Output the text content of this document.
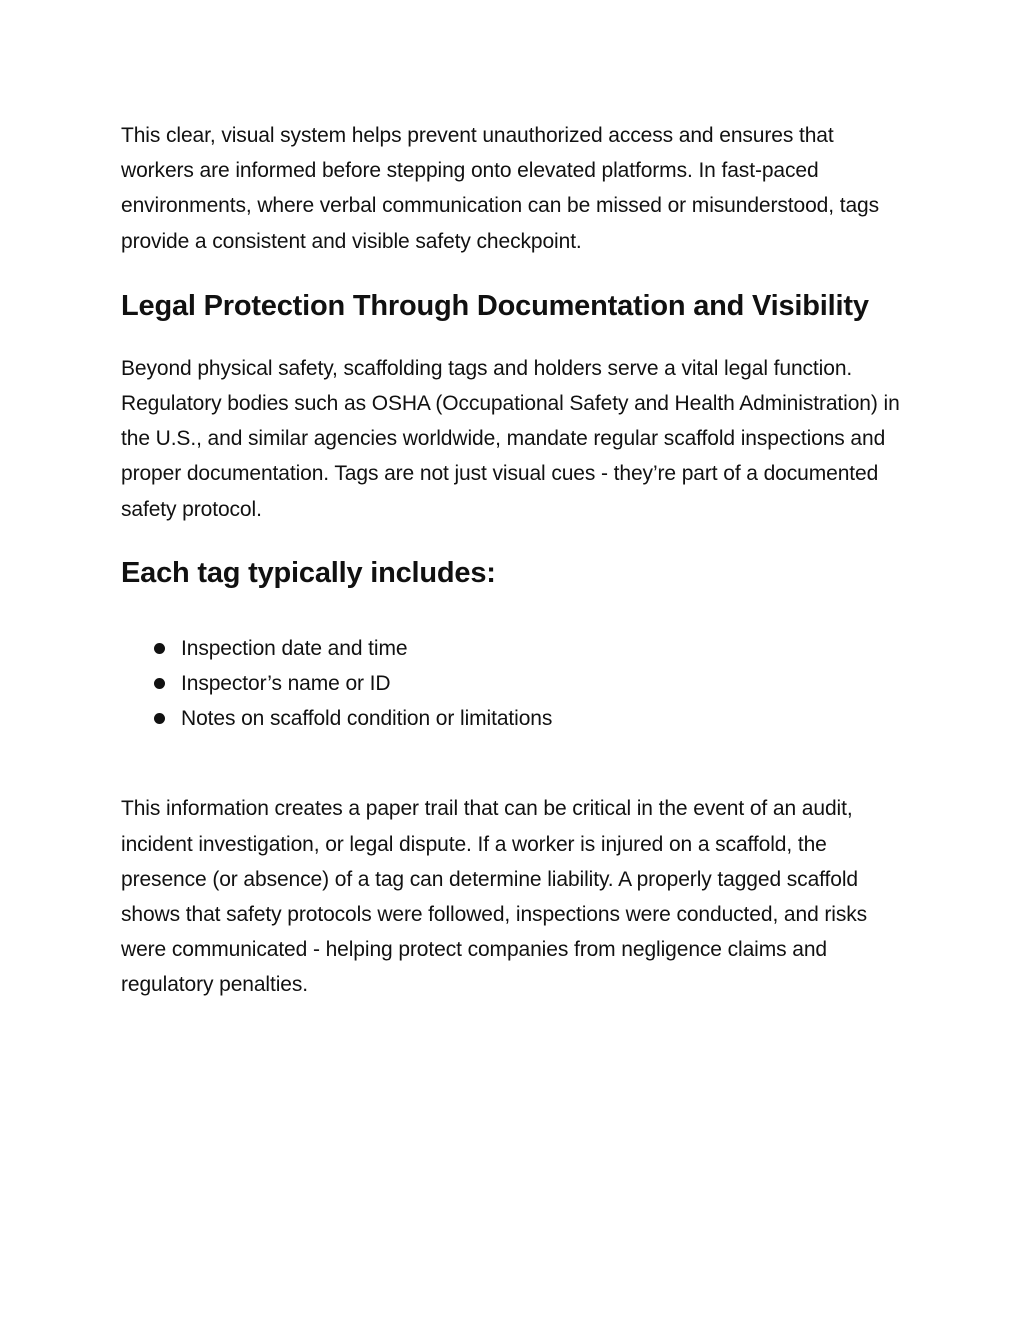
This clear, visual system helps prevent unauthorized access and ensures that workers are informed before stepping onto elevated platforms. In fast-paced environments, where verbal communication can be missed or misunderstood, tags provide a consistent and visible safety checkpoint.

Legal Protection Through Documentation and Visibility

Beyond physical safety, scaffolding tags and holders serve a vital legal function. Regulatory bodies such as OSHA (Occupational Safety and Health Administration) in the U.S., and similar agencies worldwide, mandate regular scaffold inspections and proper documentation. Tags are not just visual cues - they’re part of a documented safety protocol.

Each tag typically includes:
Inspection date and time
Inspector’s name or ID
Notes on scaffold condition or limitations

This information creates a paper trail that can be critical in the event of an audit, incident investigation, or legal dispute. If a worker is injured on a scaffold, the presence (or absence) of a tag can determine liability. A properly tagged scaffold shows that safety protocols were followed, inspections were conducted, and risks were communicated - helping protect companies from negligence claims and regulatory penalties.
